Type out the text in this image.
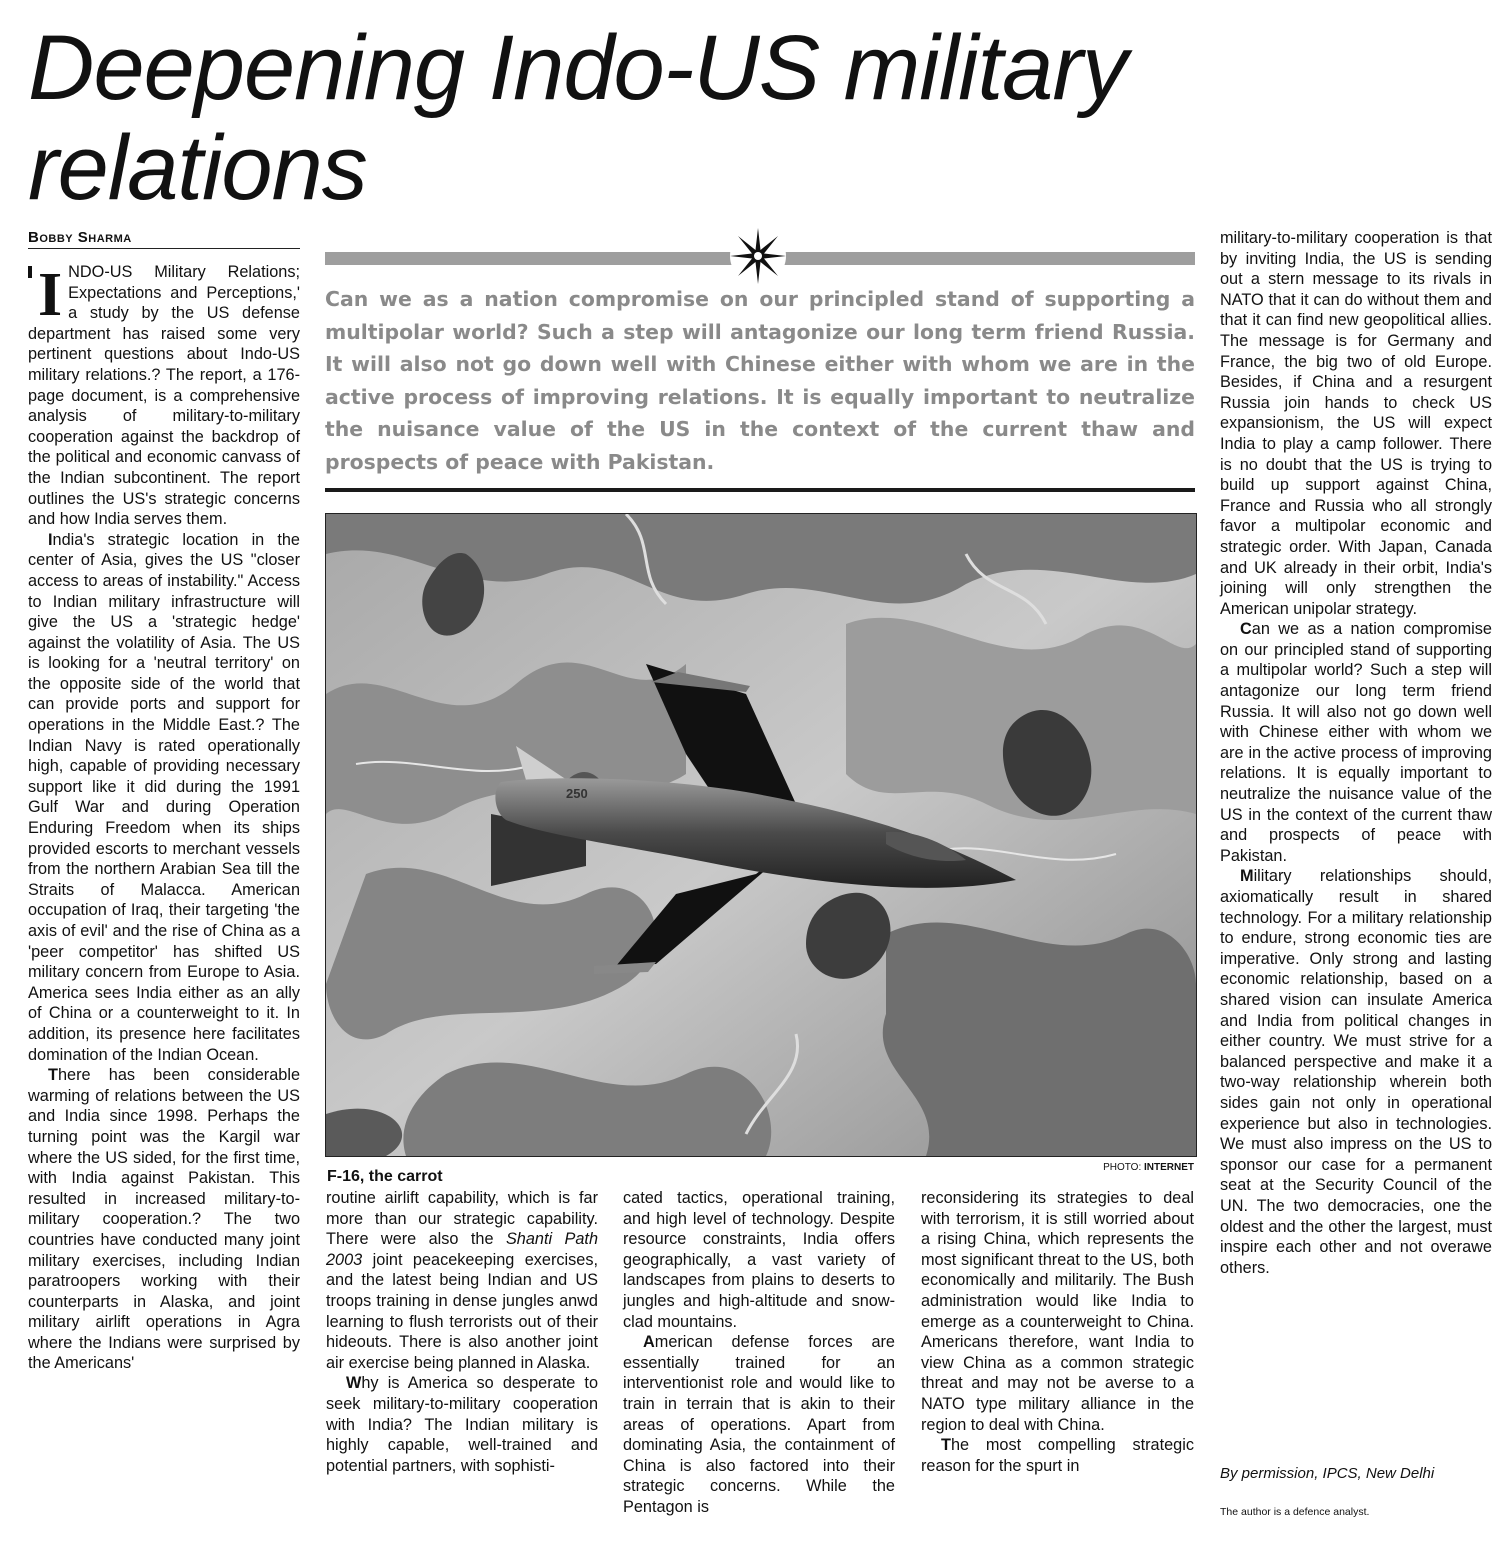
Deepening Indo-US military relations
Bobby Sharma

INDO-US Military Relations; Expectations and Perceptions,' a study by the US defense department has raised some very pertinent questions about Indo-US military relations.? The report, a 176-page document, is a comprehensive analysis of military-to-military cooperation against the backdrop of the political and economic canvass of the Indian subcontinent. The report outlines the US's strategic concerns and how India serves them.

India's strategic location in the center of Asia, gives the US "closer access to areas of instability." Access to Indian military infrastructure will give the US a 'strategic hedge' against the volatility of Asia. The US is looking for a 'neutral territory' on the opposite side of the world that can provide ports and support for operations in the Middle East.? The Indian Navy is rated operationally high, capable of providing necessary support like it did during the 1991 Gulf War and during Operation Enduring Freedom when its ships provided escorts to merchant vessels from the northern Arabian Sea till the Straits of Malacca. American occupation of Iraq, their targeting 'the axis of evil' and the rise of China as a 'peer competitor' has shifted US military concern from Europe to Asia. America sees India either as an ally of China or a counterweight to it. In addition, its presence here facilitates domination of the Indian Ocean.

There has been considerable warming of relations between the US and India since 1998. Perhaps the turning point was the Kargil war where the US sided, for the first time, with India against Pakistan. This resulted in increased military-to-military cooperation.? The two countries have conducted many joint military exercises, including Indian paratroopers working with their counterparts in Alaska, and joint military airlift operations in Agra where the Indians were surprised by the Americans'

Can we as a nation compromise on our principled stand of supporting a multipolar world? Such a step will antagonize our long term friend Russia. It will also not go down well with Chinese either with whom we are in the active process of improving relations. It is equally important to neutralize the nuisance value of the US in the context of the current thaw and prospects of peace with Pakistan.

250
F-16, the carrot
PHOTO: INTERNET

routine airlift capability, which is far more than our strategic capability. There were also the Shanti Path 2003 joint peacekeeping exercises, and the latest being Indian and US troops training in dense jungles anwd learning to flush terrorists out of their hideouts. There is also another joint air exercise being planned in Alaska.

Why is America so desperate to seek military-to-military cooperation with India? The Indian military is highly capable, well-trained and potential partners, with sophisti-

cated tactics, operational training, and high level of technology. Despite resource constraints, India offers geographically, a vast variety of landscapes from plains to deserts to jungles and high-altitude and snow-clad mountains.

American defense forces are essentially trained for an interventionist role and would like to train in terrain that is akin to their areas of operations. Apart from dominating Asia, the containment of China is also factored into their strategic concerns. While the Pentagon is

reconsidering its strategies to deal with terrorism, it is still worried about a rising China, which represents the most significant threat to the US, both economically and militarily. The Bush administration would like India to emerge as a counterweight to China. Americans therefore, want India to view China as a common strategic threat and may not be averse to a NATO type military alliance in the region to deal with China.

The most compelling strategic reason for the spurt in

military-to-military cooperation is that by inviting India, the US is sending out a stern message to its rivals in NATO that it can do without them and that it can find new geopolitical allies. The message is for Germany and France, the big two of old Europe. Besides, if China and a resurgent Russia join hands to check US expansionism, the US will expect India to play a camp follower. There is no doubt that the US is trying to build up support against China, France and Russia who all strongly favor a multipolar economic and strategic order. With Japan, Canada and UK already in their orbit, India's joining will only strengthen the American unipolar strategy.

Can we as a nation compromise on our principled stand of supporting a multipolar world? Such a step will antagonize our long term friend Russia. It will also not go down well with Chinese either with whom we are in the active process of improving relations. It is equally important to neutralize the nuisance value of the US in the context of the current thaw and prospects of peace with Pakistan.

Military relationships should, axiomatically result in shared technology. For a military relationship to endure, strong economic ties are imperative. Only strong and lasting economic relationship, based on a shared vision can insulate America and India from political changes in either country. We must strive for a balanced perspective and make it a two-way relationship wherein both sides gain not only in operational experience but also in technologies. We must also impress on the US to sponsor our case for a permanent seat at the Security Council of the UN. The two democracies, one the oldest and the other the largest, must inspire each other and not overawe others.

By permission, IPCS, New Delhi
The author is a defence analyst.
